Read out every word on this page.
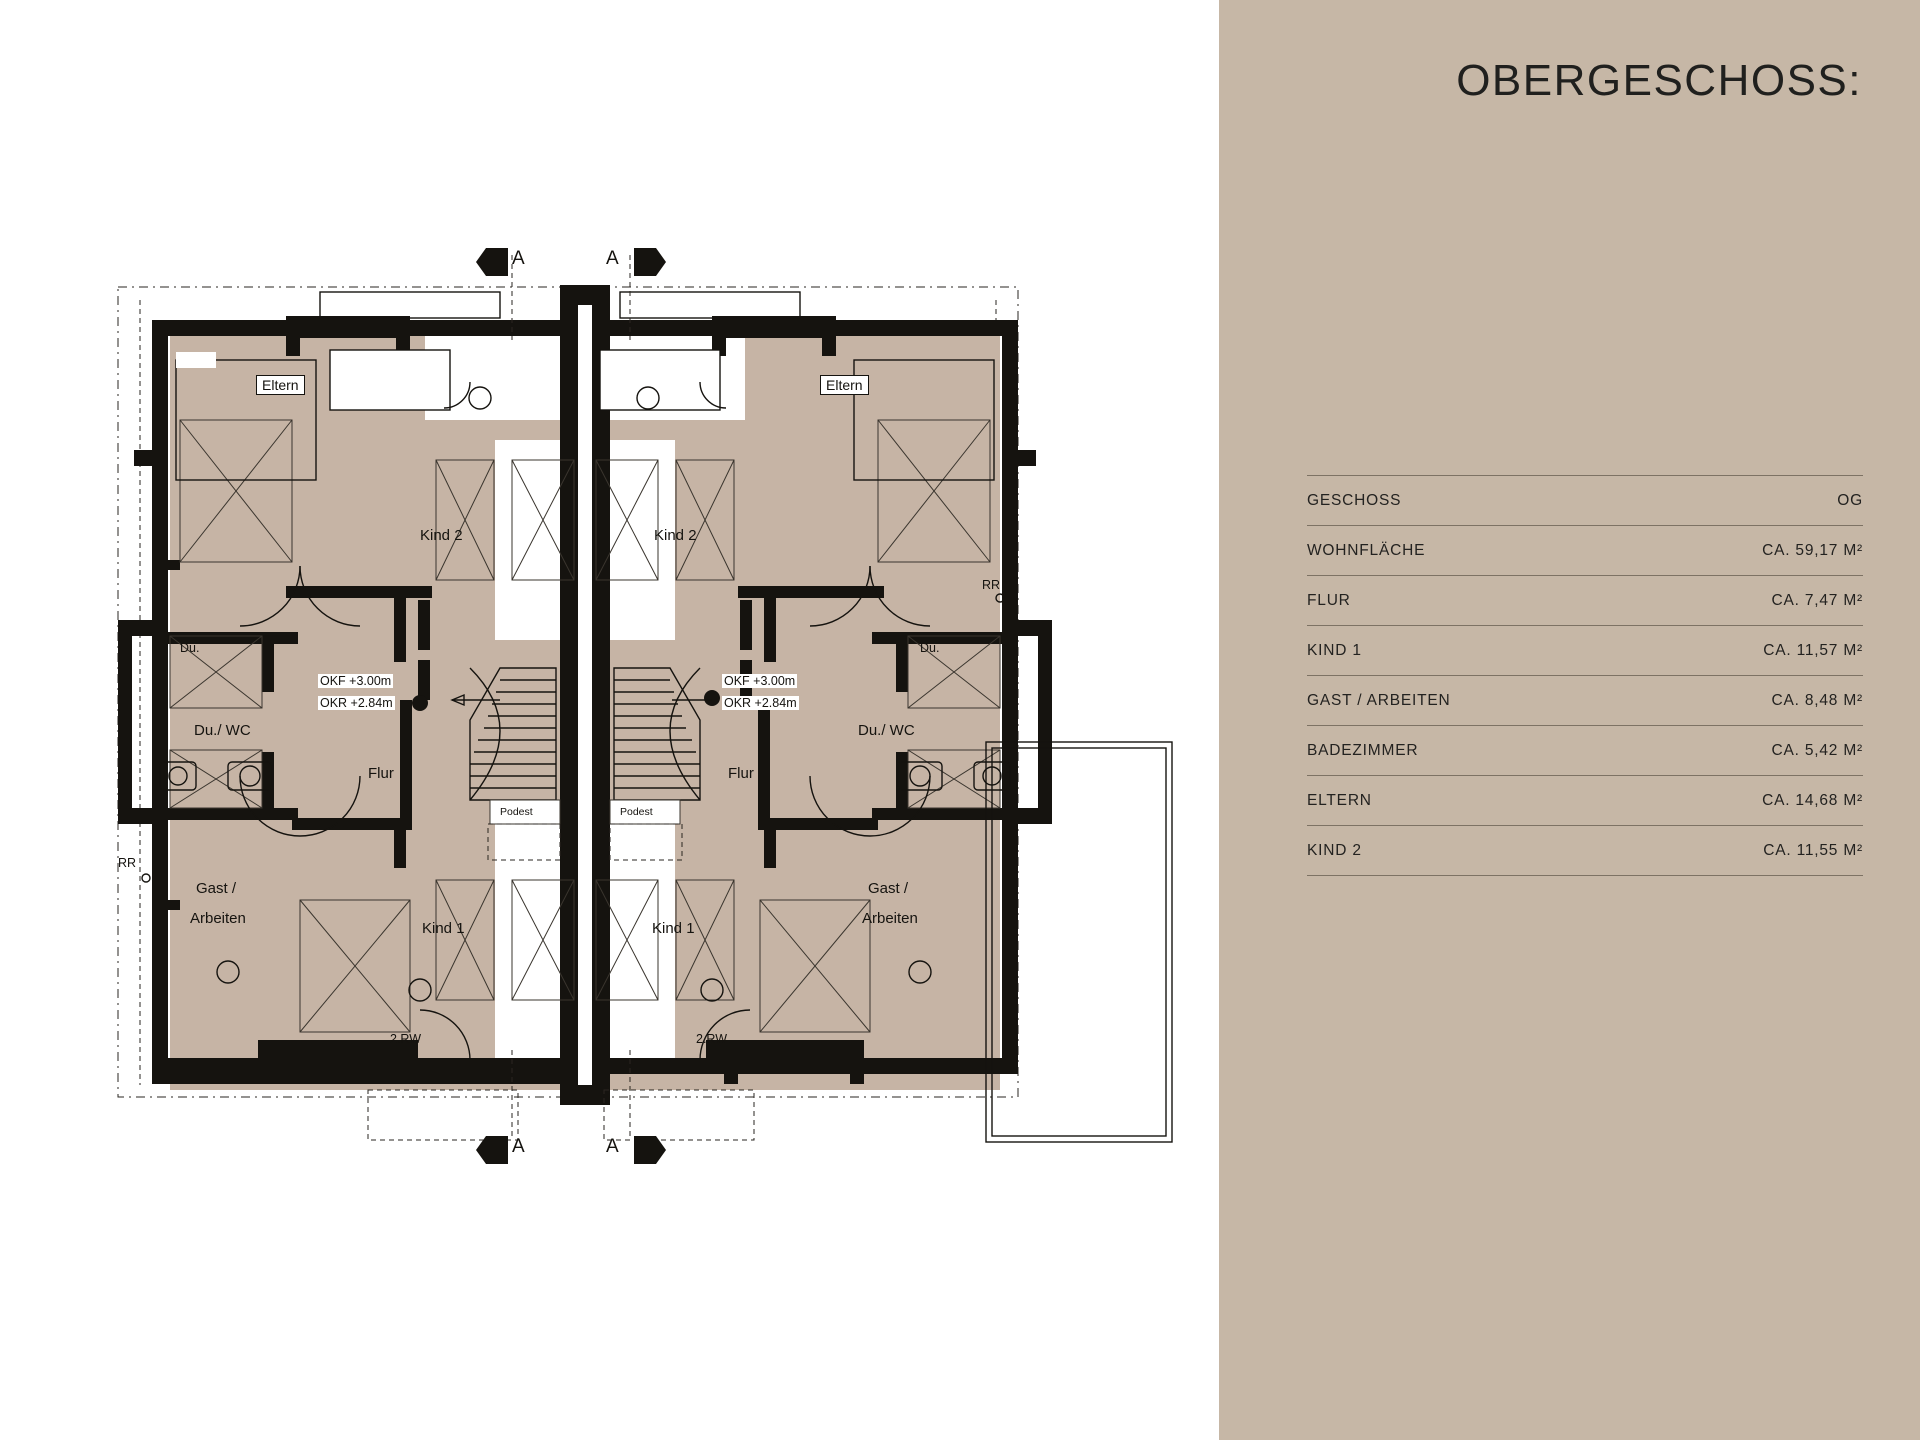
Eltern	Eltern
Kind 2	Kind 2
Kind 1	Kind 1
Flur	Flur
Du./ WC	Du./ WC
Du.	Du.
Gast /
Arbeiten
Gast /
Arbeiten
OKF +3.00m
OKR +2.84m
OKF +3.00m
OKR +2.84m
Podest	Podest
2.RW	2.RW
RR
RR
A	A
A	A
OBERGESCHOSS:
GESCHOSS	OG
WOHNFLÄCHE	CA. 59,17 M²
FLUR	CA. 7,47 M²
KIND 1	CA. 11,57 M²
GAST / ARBEITEN	CA. 8,48 M²
BADEZIMMER	CA. 5,42 M²
ELTERN	CA. 14,68 M²
KIND 2	CA. 11,55 M²
